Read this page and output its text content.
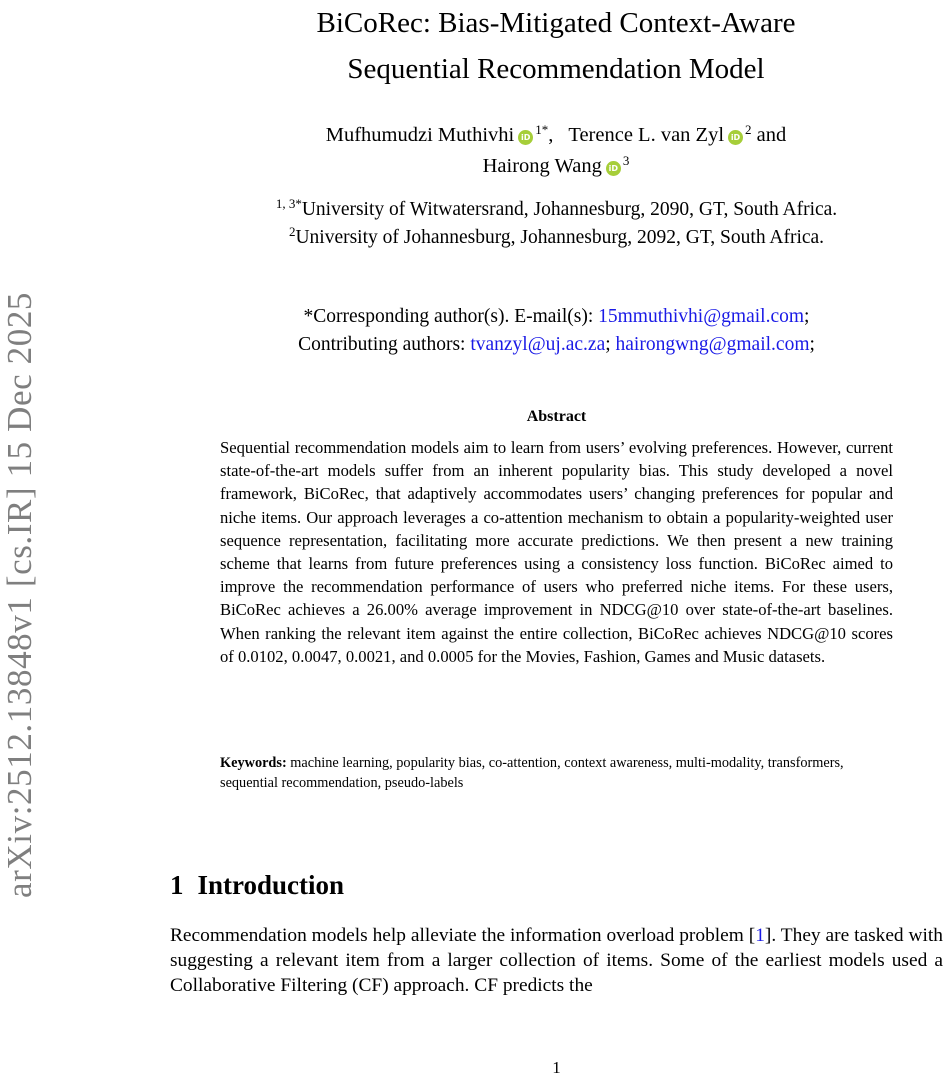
arXiv:2512.13848v1 [cs.IR] 15 Dec 2025
BiCoRec: Bias-Mitigated Context-Aware
Sequential Recommendation Model
Mufhumudzi Muthivhi $iD^{1*}$,   Terence L. van Zyl $iD^2$ and
Hairong Wang $iD^3$
$^{1, 3*}$University of Witwatersrand, Johannesburg, 2090, GT, South Africa.
$^2$University of Johannesburg, Johannesburg, 2092, GT, South Africa.
*Corresponding author(s). E-mail(s): 15mmuthivhi@gmail.com;
Contributing authors: tvanzyl@uj.ac.za; hairongwng@gmail.com;
Abstract
Sequential recommendation models aim to learn from users’ evolving preferences. However, current state-of-the-art models suffer from an inherent popularity bias. This study developed a novel framework, BiCoRec, that adaptively accommodates users’ changing preferences for popular and niche items. Our approach leverages a co-attention mechanism to obtain a popularity-weighted user sequence representation, facilitating more accurate predictions. We then present a new training scheme that learns from future preferences using a consistency loss function. BiCoRec aimed to improve the recommendation performance of users who preferred niche items. For these users, BiCoRec achieves a 26.00% average improvement in NDCG@10 over state-of-the-art baselines. When ranking the relevant item against the entire collection, BiCoRec achieves NDCG@10 scores of 0.0102, 0.0047, 0.0021, and 0.0005 for the Movies, Fashion, Games and Music datasets.
Keywords: machine learning, popularity bias, co-attention, context awareness, multi-modality, transformers, sequential recommendation, pseudo-labels
1 Introduction
Recommendation models help alleviate the information overload problem [1]. They are tasked with suggesting a relevant item from a larger collection of items. Some of the earliest models used a Collaborative Filtering (CF) approach. CF predicts the
1
